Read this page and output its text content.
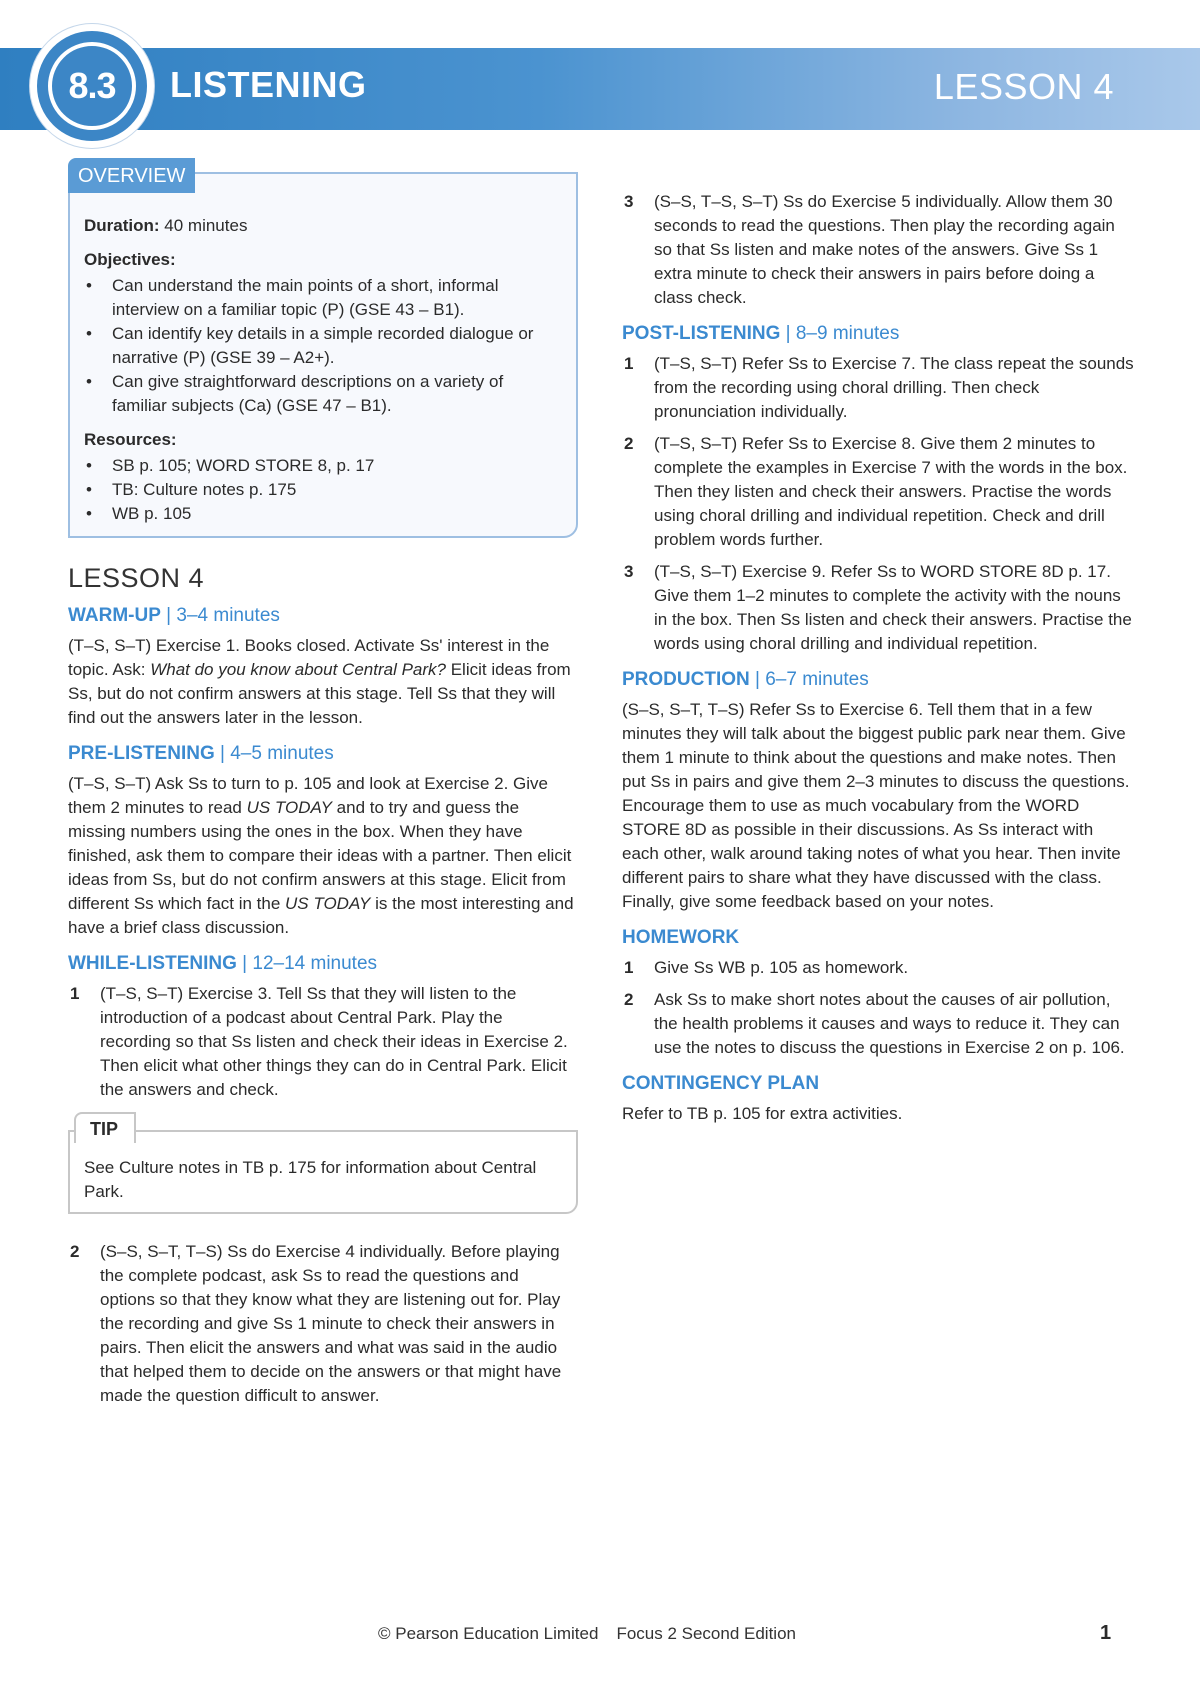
8.3	LISTENING	LESSON 4
OVERVIEW
Duration: 40 minutes
Objectives:
• Can understand the main points of a short, informal interview on a familiar topic (P) (GSE 43 – B1).
• Can identify key details in a simple recorded dialogue or narrative (P) (GSE 39 – A2+).
• Can give straightforward descriptions on a variety of familiar subjects (Ca) (GSE 47 – B1).
Resources:
• SB p. 105; WORD STORE 8, p. 17
• TB: Culture notes p. 175
• WB p. 105
LESSON 4
WARM-UP | 3–4 minutes

(T–S, S–T) Exercise 1. Books closed. Activate Ss' interest in the topic. Ask: What do you know about Central Park? Elicit ideas from Ss, but do not confirm answers at this stage. Tell Ss that they will find out the answers later in the lesson.

PRE-LISTENING | 4–5 minutes

(T–S, S–T) Ask Ss to turn to p. 105 and look at Exercise 2. Give them 2 minutes to read US TODAY and to try and guess the missing numbers using the ones in the box. When they have finished, ask them to compare their ideas with a partner. Then elicit ideas from Ss, but do not confirm answers at this stage. Elicit from different Ss which fact in the US TODAY is the most interesting and have a brief class discussion.

WHILE-LISTENING | 12–14 minutes
1 (T–S, S–T) Exercise 3. Tell Ss that they will listen to the introduction of a podcast about Central Park. Play the recording so that Ss listen and check their ideas in Exercise 2. Then elicit what other things they can do in Central Park. Elicit the answers and check.
TIP
See Culture notes in TB p. 175 for information about Central Park.
2 (S–S, S–T, T–S) Ss do Exercise 4 individually. Before playing the complete podcast, ask Ss to read the questions and options so that they know what they are listening out for. Play the recording and give Ss 1 minute to check their answers in pairs. Then elicit the answers and what was said in the audio that helped them to decide on the answers or that might have made the question difficult to answer.
3 (S–S, T–S, S–T) Ss do Exercise 5 individually. Allow them 30 seconds to read the questions. Then play the recording again so that Ss listen and make notes of the answers. Give Ss 1 extra minute to check their answers in pairs before doing a class check.
POST-LISTENING | 8–9 minutes
1 (T–S, S–T) Refer Ss to Exercise 7. The class repeat the sounds from the recording using choral drilling. Then check pronunciation individually.
2 (T–S, S–T) Refer Ss to Exercise 8. Give them 2 minutes to complete the examples in Exercise 7 with the words in the box. Then they listen and check their answers. Practise the words using choral drilling and individual repetition. Check and drill problem words further.
3 (T–S, S–T) Exercise 9. Refer Ss to WORD STORE 8D p. 17. Give them 1–2 minutes to complete the activity with the nouns in the box. Then Ss listen and check their answers. Practise the words using choral drilling and individual repetition.
PRODUCTION | 6–7 minutes

(S–S, S–T, T–S) Refer Ss to Exercise 6. Tell them that in a few minutes they will talk about the biggest public park near them. Give them 1 minute to think about the questions and make notes. Then put Ss in pairs and give them 2–3 minutes to discuss the questions. Encourage them to use as much vocabulary from the WORD STORE 8D as possible in their discussions. As Ss interact with each other, walk around taking notes of what you hear. Then invite different pairs to share what they have discussed with the class. Finally, give some feedback based on your notes.

HOMEWORK
1 Give Ss WB p. 105 as homework.
2 Ask Ss to make short notes about the causes of air pollution, the health problems it causes and ways to reduce it. They can use the notes to discuss the questions in Exercise 2 on p. 106.
CONTINGENCY PLAN

Refer to TB p. 105 for extra activities.

© Pearson Education Limited Focus 2 Second Edition	1
